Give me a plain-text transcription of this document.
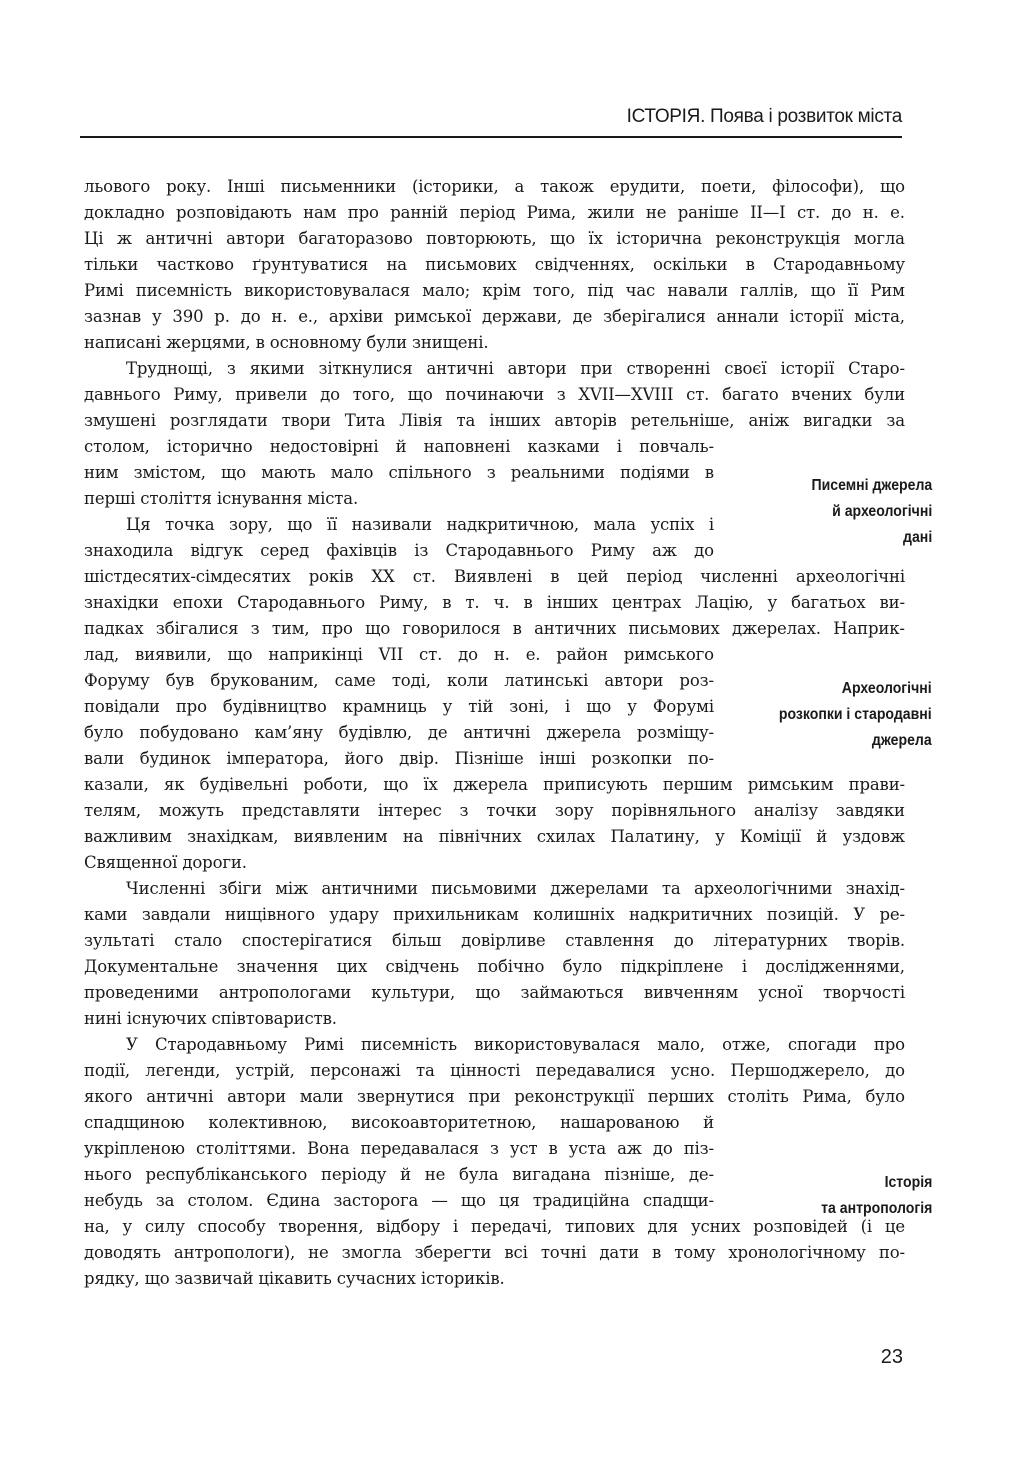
ІСТОРІЯ. Поява і розвиток міста
льового року. Інші письменники (історики, а також ерудити, поети, філософи), що
докладно розповідають нам про ранній період Рима, жили не раніше II—I ст. до н. е.
Ці ж античні автори багаторазово повторюють, що їх історична реконструкція могла
тільки частково ґрунтуватися на письмових свідченнях, оскільки в Стародавньому
Римі писемність використовувалася мало; крім того, під час навали галлів, що її Рим
зазнав у 390 р. до н. е., архіви римської держави, де зберігалися аннали історії міста,
написані жерцями, в основному були знищені.
Труднощі, з якими зіткнулися античні автори при створенні своєї історії Старо-
давнього Риму, привели до того, що починаючи з XVII—XVIII ст. багато вчених були
змушені розглядати твори Тита Лівія та інших авторів ретельніше, аніж вигадки за
столом, історично недостовірні й наповнені казками і повчаль-
ним змістом, що мають мало спільного з реальними подіями в
перші століття існування міста.
Ця точка зору, що її називали надкритичною, мала успіх і
знаходила відгук серед фахівців із Стародавнього Риму аж до
шістдесятих-сімдесятих років XX ст. Виявлені в цей період численні археологічні
знахідки епохи Стародавнього Риму, в т. ч. в інших центрах Лацію, у багатьох ви-
падках збігалися з тим, про що говорилося в античних письмових джерелах. Наприк-
лад, виявили, що наприкінці VII ст. до н. е. район римського
Форуму був брукованим, саме тоді, коли латинські автори роз-
повідали про будівництво крамниць у тій зоні, і що у Форумі
було побудовано кам’яну будівлю, де античні джерела розміщу-
вали будинок імператора, його двір. Пізніше інші розкопки по-
казали, як будівельні роботи, що їх джерела приписують першим римським прави-
телям, можуть представляти інтерес з точки зору порівняльного аналізу завдяки
важливим знахідкам, виявленим на північних схилах Палатину, у Коміції й уздовж
Священної дороги.
Численні збіги між античними письмовими джерелами та археологічними знахід-
ками завдали нищівного удару прихильникам колишніх надкритичних позицій. У ре-
зультаті стало спостерігатися більш довірливе ставлення до літературних творів.
Документальне значення цих свідчень побічно було підкріплене і дослідженнями,
проведеними антропологами культури, що займаються вивченням усної творчості
нині існуючих співтовариств.
У Стародавньому Римі писемність використовувалася мало, отже, спогади про
події, легенди, устрій, персонажі та цінності передавалися усно. Першоджерело, до
якого античні автори мали звернутися при реконструкції перших століть Рима, було
спадщиною колективною, високоавторитетною, нашарованою й
укріпленою століттями. Вона передавалася з уст в уста аж до піз-
нього республіканського періоду й не була вигадана пізніше, де-
небудь за столом. Єдина засторога — що ця традиційна спадщи-
на, у силу способу творення, відбору і передачі, типових для усних розповідей (і це
доводять антропологи), не змогла зберегти всі точні дати в тому хронологічному по-
рядку, що зазвичай цікавить сучасних істориків.
Писемні джерела
й археологічні
дані
Археологічні
розкопки і стародавні
джерела
Історія
та антропологія
23
